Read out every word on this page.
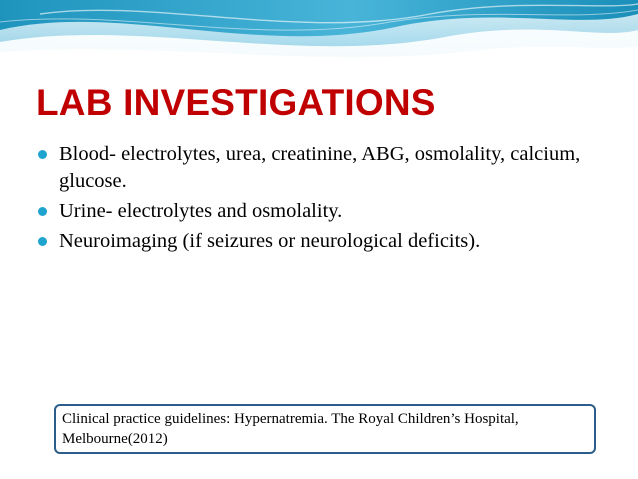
LAB INVESTIGATIONS
Blood- electrolytes, urea, creatinine, ABG, osmolality, calcium, glucose.
Urine- electrolytes and osmolality.
Neuroimaging (if seizures or neurological deficits).
Clinical practice guidelines: Hypernatremia. The Royal Children’s Hospital, Melbourne(2012)
